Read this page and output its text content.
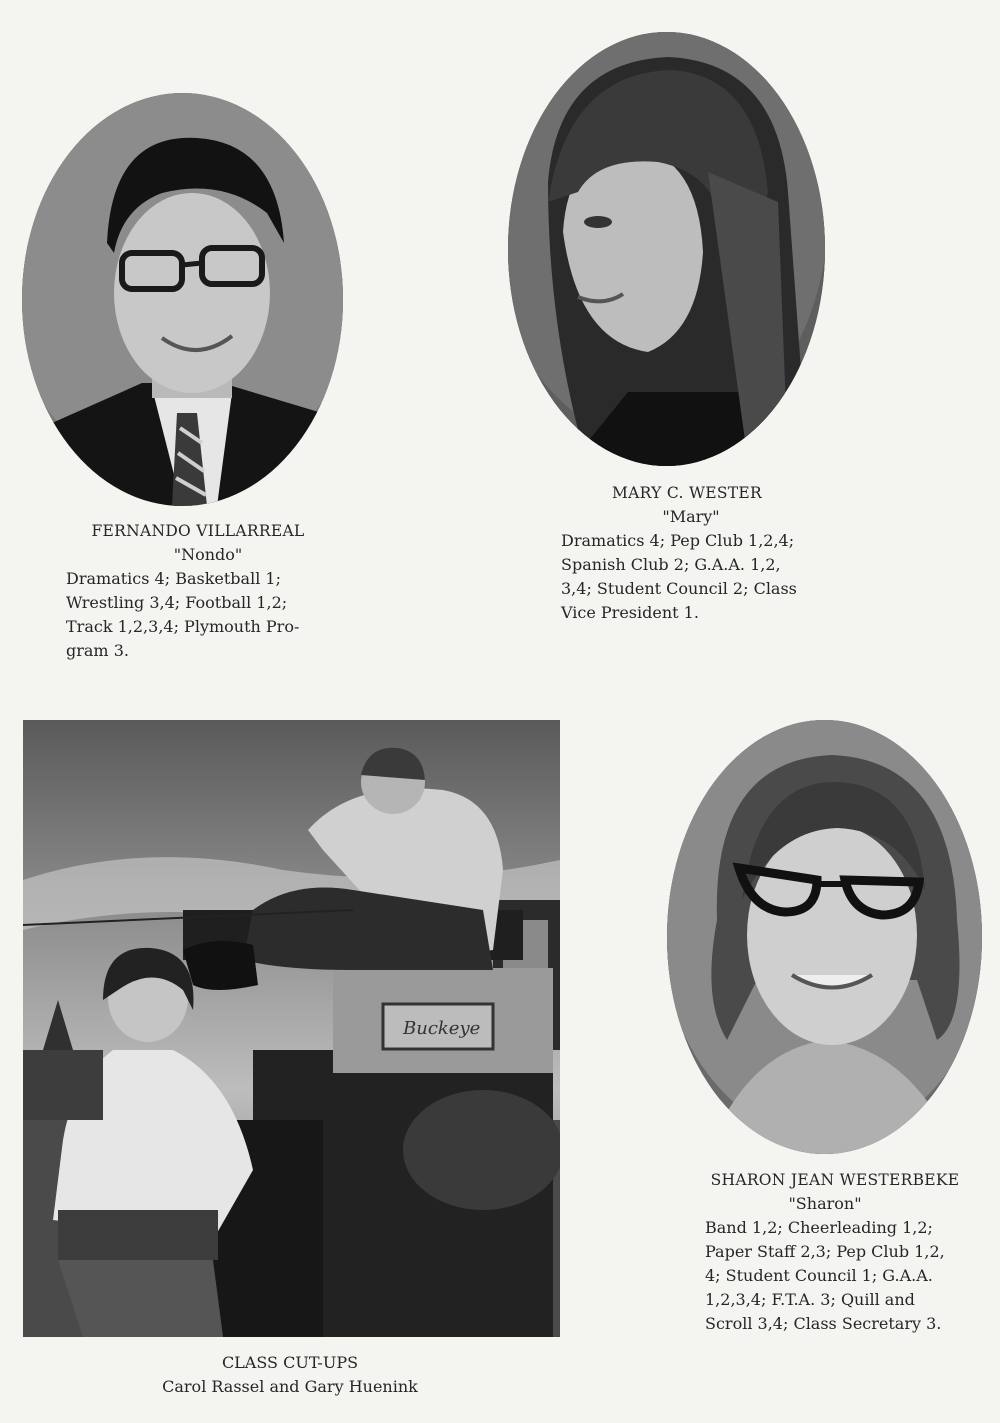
FERNANDO VILLARREAL
"Nondo"
Dramatics 4; Basketball 1;
Wrestling 3,4; Football 1,2;
Track 1,2,3,4; Plymouth Pro-
gram 3.
MARY C. WESTER
"Mary"
Dramatics 4; Pep Club 1,2,4;
Spanish Club 2; G.A.A. 1,2,
3,4; Student Council 2; Class
Vice President 1.
Buckeye
CLASS CUT-UPS
Carol Rassel and Gary Huenink
SHARON JEAN WESTERBEKE
"Sharon"
Band 1,2; Cheerleading 1,2;
Paper Staff 2,3; Pep Club 1,2,
4; Student Council 1; G.A.A.
1,2,3,4; F.T.A. 3; Quill and
Scroll 3,4; Class Secretary 3.
